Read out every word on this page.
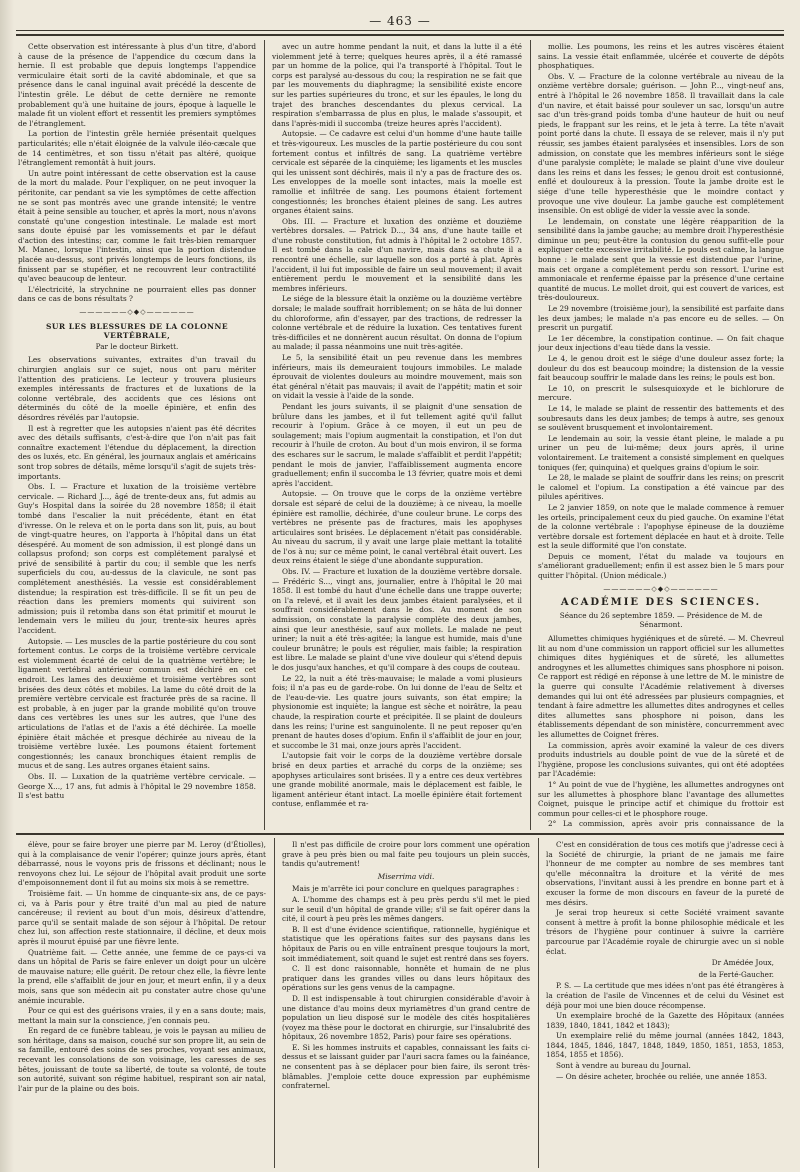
— 463 —

Cette observation est intéressante à plus d'un titre, d'abord à cause de la présence de l'appendice du cœcum dans la hernie. Il est probable que depuis longtemps l'appendice vermiculaire était sorti de la cavité abdominale, et que sa présence dans le canal inguinal avait précédé la descente de l'intestin grêle. Le début de cette dernière ne remonte probablement qu'à une huitaine de jours, époque à laquelle le malade fit un violent effort et ressentit les premiers symptômes de l'étranglement.

La portion de l'intestin grêle herniée présentait quelques particularités; elle n'était éloignée de la valvule iléo-cæcale que de 14 centimètres, et son tissu n'était pas altéré, quoique l'étranglement remontât à huit jours.

Un autre point intéressant de cette observation est la cause de la mort du malade. Pour l'expliquer, on ne peut invoquer la péritonite, car pendant sa vie les symptômes de cette affection ne se sont pas montrés avec une grande intensité; le ventre était à peine sensible au toucher, et après la mort, nous n'avons constaté qu'une congestion intestinale. Le malade est mort sans doute épuisé par les vomissements et par le défaut d'action des intestins; car, comme le fait très-bien remarquer M. Manec, lorsque l'intestin, ainsi que la portion distendue placée au-dessus, sont privés longtemps de leurs fonctions, ils finissent par se stupéfier, et ne recouvrent leur contractilité qu'avec beaucoup de lenteur.

L'électricité, la strychnine ne pourraient elles pas donner dans ce cas de bons résultats ?

——————◇◆◇——————
SUR LES BLESSURES DE LA COLONNE VERTÉBRALE,
Par le docteur Birkett.

Les observations suivantes, extraites d'un travail du chirurgien anglais sur ce sujet, nous ont paru mériter l'attention des praticiens. Le lecteur y trouvera plusieurs exemples intéressants de fractures et de luxations de la colonne vertébrale, des accidents que ces lésions ont déterminés du côté de la moelle épinière, et enfin des désordres révélés par l'autopsie.

Il est à regretter que les autopsies n'aient pas été décrites avec des détails suffisants, c'est-à-dire que l'on n'ait pas fait connaître exactement l'étendue du déplacement, la direction des os luxés, etc. En général, les journaux anglais et américains sont trop sobres de détails, même lorsqu'il s'agit de sujets très-importants.

Obs. I. — Fracture et luxation de la troisième vertèbre cervicale. — Richard J..., âgé de trente-deux ans, fut admis au Guy's Hospital dans la soirée du 28 novembre 1858; il était tombé dans l'escalier la nuit précédente, étant en état d'ivresse. On le releva et on le porta dans son lit, puis, au bout de vingt-quatre heures, on l'apporta à l'hôpital dans un état désespéré. Au moment de son admission, il est plongé dans un collapsus profond; son corps est complétement paralysé et privé de sensibilité à partir du cou; il semble que les nerfs superficiels du cou, au-dessus de la clavicule, ne sont pas complétement anesthésiés. La vessie est considérablement distendue; la respiration est très-difficile. Il se fit un peu de réaction dans les premiers moments qui suivirent son admission; puis il retomba dans son état primitif et mourut le lendemain vers le milieu du jour, trente-six heures après l'accident.

Autopsie. — Les muscles de la partie postérieure du cou sont fortement contus. Le corps de la troisième vertèbre cervicale est violemment écarté de celui de la quatrième vertèbre; le ligament vertébral antérieur commun est déchiré en cet endroit. Les lames des deuxième et troisième vertèbres sont brisées des deux côtés et mobiles. La lame du côté droit de la première vertèbre cervicale est fracturée près de sa racine. Il est probable, à en juger par la grande mobilité qu'on trouve dans ces vertèbres les unes sur les autres, que l'une des articulations de l'atlas et de l'axis a été déchirée. La moelle épinière était mâchée et presque déchirée au niveau de la troisième vertèbre luxée. Les poumons étaient fortement congestionnés; les canaux bronchiques étaient remplis de mucus et de sang. Les autres organes étaient sains.

Obs. II. — Luxation de la quatrième vertèbre cervicale. — George X..., 17 ans, fut admis à l'hôpital le 29 novembre 1858. Il s'est battu

avec un autre homme pendant la nuit, et dans la lutte il a été violemment jeté à terre; quelques heures après, il a été ramassé par un homme de la police, qui l'a transporté à l'hôpital. Tout le corps est paralysé au-dessous du cou; la respiration ne se fait que par les mouvements du diaphragme; la sensibilité existe encore sur les parties supérieures du tronc, et sur les épaules, le long du trajet des branches descendantes du plexus cervical. La respiration s'embarrassa de plus en plus, le malade s'assoupit, et dans l'après-midi il succomba (treize heures après l'accident).

Autopsie. — Ce cadavre est celui d'un homme d'une haute taille et très-vigoureux. Les muscles de la partie postérieure du cou sont fortement contus et infiltrés de sang. La quatrième vertèbre cervicale est séparée de la cinquième; les ligaments et les muscles qui les unissent sont déchirés, mais il n'y a pas de fracture des os. Les enveloppes de la moelle sont intactes, mais la moelle est ramollie et infiltrée de sang. Les poumons étaient fortement congestionnés; les bronches étaient pleines de sang. Les autres organes étaient sains.

Obs. III. — Fracture et luxation des onzième et douzième vertèbres dorsales. — Patrick D..., 34 ans, d'une haute taille et d'une robuste constitution, fut admis à l'hôpital le 2 octobre 1857. Il est tombé dans la cale d'un navire, mais dans sa chute il a rencontré une échelle, sur laquelle son dos a porté à plat. Après l'accident, il lui fut impossible de faire un seul mouvement; il avait entièrement perdu le mouvement et la sensibilité dans les membres inférieurs.

Le siége de la blessure était la onzième ou la douzième vertèbre dorsale; le malade souffrait horriblement; on se hâta de lui donner du chloroforme, afin d'essayer, par des tractions, de redresser la colonne vertébrale et de réduire la luxation. Ces tentatives furent très-difficiles et ne donnèrent aucun résultat. On donna de l'opium au malade; il passa néanmoins une nuit très-agitée.

Le 5, la sensibilité était un peu revenue dans les membres inférieurs, mais ils demeuraient toujours immobiles. Le malade éprouvait de violentes douleurs au moindre mouvement, mais son état général n'était pas mauvais; il avait de l'appétit; matin et soir on vidait la vessie à l'aide de la sonde.

Pendant les jours suivants, il se plaignit d'une sensation de brûlure dans les jambes, et il fut tellement agité qu'il fallut recourir à l'opium. Grâce à ce moyen, il eut un peu de soulagement; mais l'opium augmentait la constipation, et l'on dut recourir à l'huile de croton. Au bout d'un mois environ, il se forma des eschares sur le sacrum, le malade s'affaiblit et perdit l'appétit; pendant le mois de janvier, l'affaiblissement augmenta encore graduellement; enfin il succomba le 13 février, quatre mois et demi après l'accident.

Autopsie. — On trouve que le corps de la onzième vertèbre dorsale est séparé de celui de la douzième; à ce niveau, la moelle épinière est ramollie, déchirée, d'une couleur brune. Le corps des vertèbres ne présente pas de fractures, mais les apophyses articulaires sont brisées. Le déplacement n'était pas considérable. Au niveau du sacrum, il y avait une large plaie mettant la totalité de l'os à nu; sur ce même point, le canal vertébral était ouvert. Les deux reins étaient le siége d'une abondante suppuration.

Obs. IV. — Fracture et luxation de la douzième vertèbre dorsale. — Frédéric S..., vingt ans, journalier, entre à l'hôpital le 20 mai 1858. Il est tombé du haut d'une échelle dans une trappe ouverte; on l'a relevé, et il avait les deux jambes étaient paralysées, et il souffrait considérablement dans le dos. Au moment de son admission, on constate la paralysie complète des deux jambes, ainsi que leur anesthésie, sauf aux mollets. Le malade ne peut uriner; la nuit a été très-agitée; la langue est humide, mais d'une couleur brunâtre; le pouls est régulier, mais faible; la respiration est libre. Le malade se plaint d'une vive douleur qui s'étend depuis le dos jusqu'aux hanches, et qu'il compare à des coups de couteau.

Le 22, la nuit a été très-mauvaise; le malade a vomi plusieurs fois; il n'a pas eu de garde-robe. On lui donne de l'eau de Seltz et de l'eau-de-vie. Les quatre jours suivants, son état empire; la physionomie est inquiète; la langue est sèche et noirâtre, la peau chaude, la respiration courte et précipitée. Il se plaint de douleurs dans les reins; l'urine est sanguinolente. Il ne peut reposer qu'en prenant de hautes doses d'opium. Enfin il s'affaiblit de jour en jour, et succombe le 31 mai, onze jours après l'accident.

L'autopsie fait voir le corps de la douzième vertèbre dorsale brisé en deux parties et arraché du corps de la onzième; ses apophyses articulaires sont brisées. Il y a entre ces deux vertèbres une grande mobilité anormale, mais le déplacement est faible, le ligament antérieur étant intact. La moelle épinière était fortement contuse, enflammée et ra-

mollie. Les poumons, les reins et les autres viscères étaient sains. La vessie était enflammée, ulcérée et couverte de dépôts phosphatiques.

Obs. V. — Fracture de la colonne vertébrale au niveau de la onzième vertèbre dorsale; guérison. — John P..., vingt-neuf ans, entré à l'hôpital le 26 novembre 1858. Il travaillait dans la cale d'un navire, et était baissé pour soulever un sac, lorsqu'un autre sac d'un très-grand poids tomba d'une hauteur de huit ou neuf pieds, le frappant sur les reins, et le jeta à terre. La tête n'avait point porté dans la chute. Il essaya de se relever, mais il n'y put réussir, ses jambes étaient paralysées et insensibles. Lors de son admission, on constate que les membres inférieurs sont le siége d'une paralysie complète; le malade se plaint d'une vive douleur dans les reins et dans les fesses; le genou droit est contusionné, enflé et douloureux à la pression. Toute la jambe droite est le siége d'une telle hyperesthésie que le moindre contact y provoque une vive douleur. La jambe gauche est complétement insensible. On est obligé de vider la vessie avec la sonde.

Le lendemain, on constate une légère réapparition de la sensibilité dans la jambe gauche; au membre droit l'hyperesthésie diminue un peu; peut-être la contusion du genou suffit-elle pour expliquer cette excessive irritabilité. Le pouls est calme, la langue bonne : le malade sent que la vessie est distendue par l'urine, mais cet organe a complétement perdu son ressort. L'urine est ammoniacale et renferme épaisse par la présence d'une certaine quantité de mucus. Le mollet droit, qui est couvert de varices, est très-douloureux.

Le 29 novembre (troisième jour), la sensibilité est parfaite dans les deux jambes; le malade n'a pas encore eu de selles. — On prescrit un purgatif.

Le 1er décembre, la constipation continue. — On fait chaque jour deux injections d'eau tiède dans la vessie.

Le 4, le genou droit est le siége d'une douleur assez forte; la douleur du dos est beaucoup moindre; la distension de la vessie fait beaucoup souffrir le malade dans les reins; le pouls est bon.

Le 10, on prescrit le sulsesquioxyde et le bichlorure de mercure.

Le 14, le malade se plaint de ressentir des battements et des soubresauts dans les deux jambes; de temps à autre, ses genoux se soulèvent brusquement et involontairement.

Le lendemain au soir, la vessie étant pleine, le malade a pu uriner un peu de lui-même; deux jours après, il urine volontairement. Le traitement a consisté simplement en quelques toniques (fer, quinquina) et quelques grains d'opium le soir.

Le 28, le malade se plaint de souffrir dans les reins; on prescrit le calomel et l'opium. La constipation a été vaincue par des pilules apéritives.

Le 2 janvier 1859, on note que le malade commence à remuer les orteils, principalement ceux du pied gauche. On examine l'état de la colonne vertébrale : l'apophyse épineuse de la douzième vertèbre dorsale est fortement déplacée en haut et à droite. Telle est la seule difformité que l'on constate.

Depuis ce moment, l'état du malade va toujours en s'améliorant graduellement; enfin il est assez bien le 5 mars pour quitter l'hôpital. (Union médicale.)

——————◇◆◇——————
ACADÉMIE DES SCIENCES.
Séance du 26 septembre 1859. — Présidence de M. de Sénarmont.

Allumettes chimiques hygiéniques et de sûreté. — M. Chevreul lit au nom d'une commission un rapport officiel sur les allumettes chimiques dites hygiéniques et de sûreté, les allumettes androgynes et les allumettes chimiques sans phosphore ni poison. Ce rapport est rédigé en réponse à une lettre de M. le ministre de la guerre qui consulte l'Académie relativement à diverses demandes qui lui ont été adressées par plusieurs compagnies, et tendant à faire admettre les allumettes dites androgynes et celles dites allumettes sans phosphore ni poison, dans les établissements dépendant de son ministère, concurremment avec les allumettes de Coignet frères.

La commission, après avoir examiné la valeur de ces divers produits industriels au double point de vue de la sûreté et de l'hygiène, propose les conclusions suivantes, qui ont été adoptées par l'Académie:

1° Au point de vue de l'hygiène, les allumettes androgynes ont sur les allumettes à phosphore blanc l'avantage des allumettes Coignet, puisque le principe actif et chimique du frottoir est commun pour celles-ci et le phosphore rouge.

2° La commission, après avoir pris connaissance de la

élève, pour se faire broyer une pierre par M. Leroy (d'Étiolles), qui à la complaisance de venir l'opérer; quinze jours après, étant débarrassé, nous le voyons pris de frissons et déclinant; nous le renvoyons chez lui. Le séjour de l'hôpital avait produit une sorte d'empoisonnement dont il fut au moins six mois à se remettre.

Troisième fait. — Un homme de cinquante-six ans, de ce pays-ci, va à Paris pour y être traité d'un mal au pied de nature cancéreuse; il revient au bout d'un mois, désireux d'attendre, parce qu'il se sentait malade de son séjour à l'hôpital. De retour chez lui, son affection reste stationnaire, il décline, et deux mois après il mourut épuisé par une fièvre lente.

Quatrième fait. — Cette année, une femme de ce pays-ci va dans un hôpital de Paris se faire enlever un doigt pour un ulcère de mauvaise nature; elle guérit. De retour chez elle, la fièvre lente la prend, elle s'affaiblit de jour en jour, et meurt enfin, il y a deux mois, sans que son médecin ait pu constater autre chose qu'une anémie incurable.

Pour ce qui est des guérisons vraies, il y en a sans doute; mais, mettant la main sur la conscience, j'en connais peu.

En regard de ce funèbre tableau, je vois le paysan au milieu de son héritage, dans sa maison, couché sur son propre lit, au sein de sa famille, entouré des soins de ses proches, voyant ses animaux, recevant les consolations de son voisinage, les caresses de ses bêtes, jouissant de toute sa liberté, de toute sa volonté, de toute son autorité, suivant son régime habituel, respirant son air natal, l'air pur de la plaine ou des bois.

Il n'est pas difficile de croire pour lors comment une opération grave à peu près bien ou mal faite peu toujours un plein succès, tandis qu'autrement!

Miserrima vidi.

Mais je m'arrête ici pour conclure en quelques paragraphes :

A. L'homme des champs est à peu près perdu s'il met le pied sur le seuil d'un hôpital de grande ville; s'il se fait opérer dans la cité, il court à peu près les mêmes dangers.

B. Il est d'une évidence scientifique, rationnelle, hygiénique et statistique que les opérations faites sur des paysans dans les hôpitaux de Paris ou en ville entraînent presque toujours la mort, soit immédiatement, soit quand le sujet est rentré dans ses foyers.

C. Il est donc raisonnable, honnête et humain de ne plus pratiquer dans les grandes villes ou dans leurs hôpitaux des opérations sur les gens venus de la campagne.

D. Il est indispensable à tout chirurgien considérable d'avoir à une distance d'au moins deux myriamètres d'un grand centre de population un lieu disposé sur le modèle des cités hospitalières (voyez ma thèse pour le doctorat en chirurgie, sur l'insalubrité des hôpitaux, 26 novembre 1852, Paris) pour faire ses opérations.

E. Si les hommes instruits et capables, connaissant les faits ci-dessus et se laissant guider par l'auri sacra fames ou la fainéance, ne consentent pas à se déplacer pour bien faire, ils seront très-blâmables. J'emploie cette douce expression par euphémisme confraternel.

C'est en considération de tous ces motifs que j'adresse ceci à la Société de chirurgie, la priant de ne jamais me faire l'honneur de me compter au nombre de ses membres tant qu'elle méconnaîtra la droiture et la vérité de mes observations, l'invitant aussi à les prendre en bonne part et à excuser la forme de mon discours en faveur de la pureté de mes désirs.

Je serai trop heureux si cette Société vraiment savante consent à mettre à profit la bonne philosophie médicale et les trésors de l'hygiène pour continuer à suivre la carrière parcourue par l'Académie royale de chirurgie avec un si noble éclat.

Dr Amédée Joux,
de la Ferté-Gaucher.

P. S. — La certitude que mes idées n'ont pas été étrangères à la création de l'asile de Vincennes et de celui du Vésinet est déjà pour moi une bien douce récompense.

Un exemplaire broché de la Gazette des Hôpitaux (années 1839, 1840, 1841, 1842 et 1843);

Un exemplaire relié du même journal (années 1842, 1843, 1844, 1845, 1846, 1847, 1848, 1849, 1850, 1851, 1853, 1853, 1854, 1855 et 1856).

Sont à vendre au bureau du Journal.

— On désire acheter, brochée ou reliée, une année 1853.
